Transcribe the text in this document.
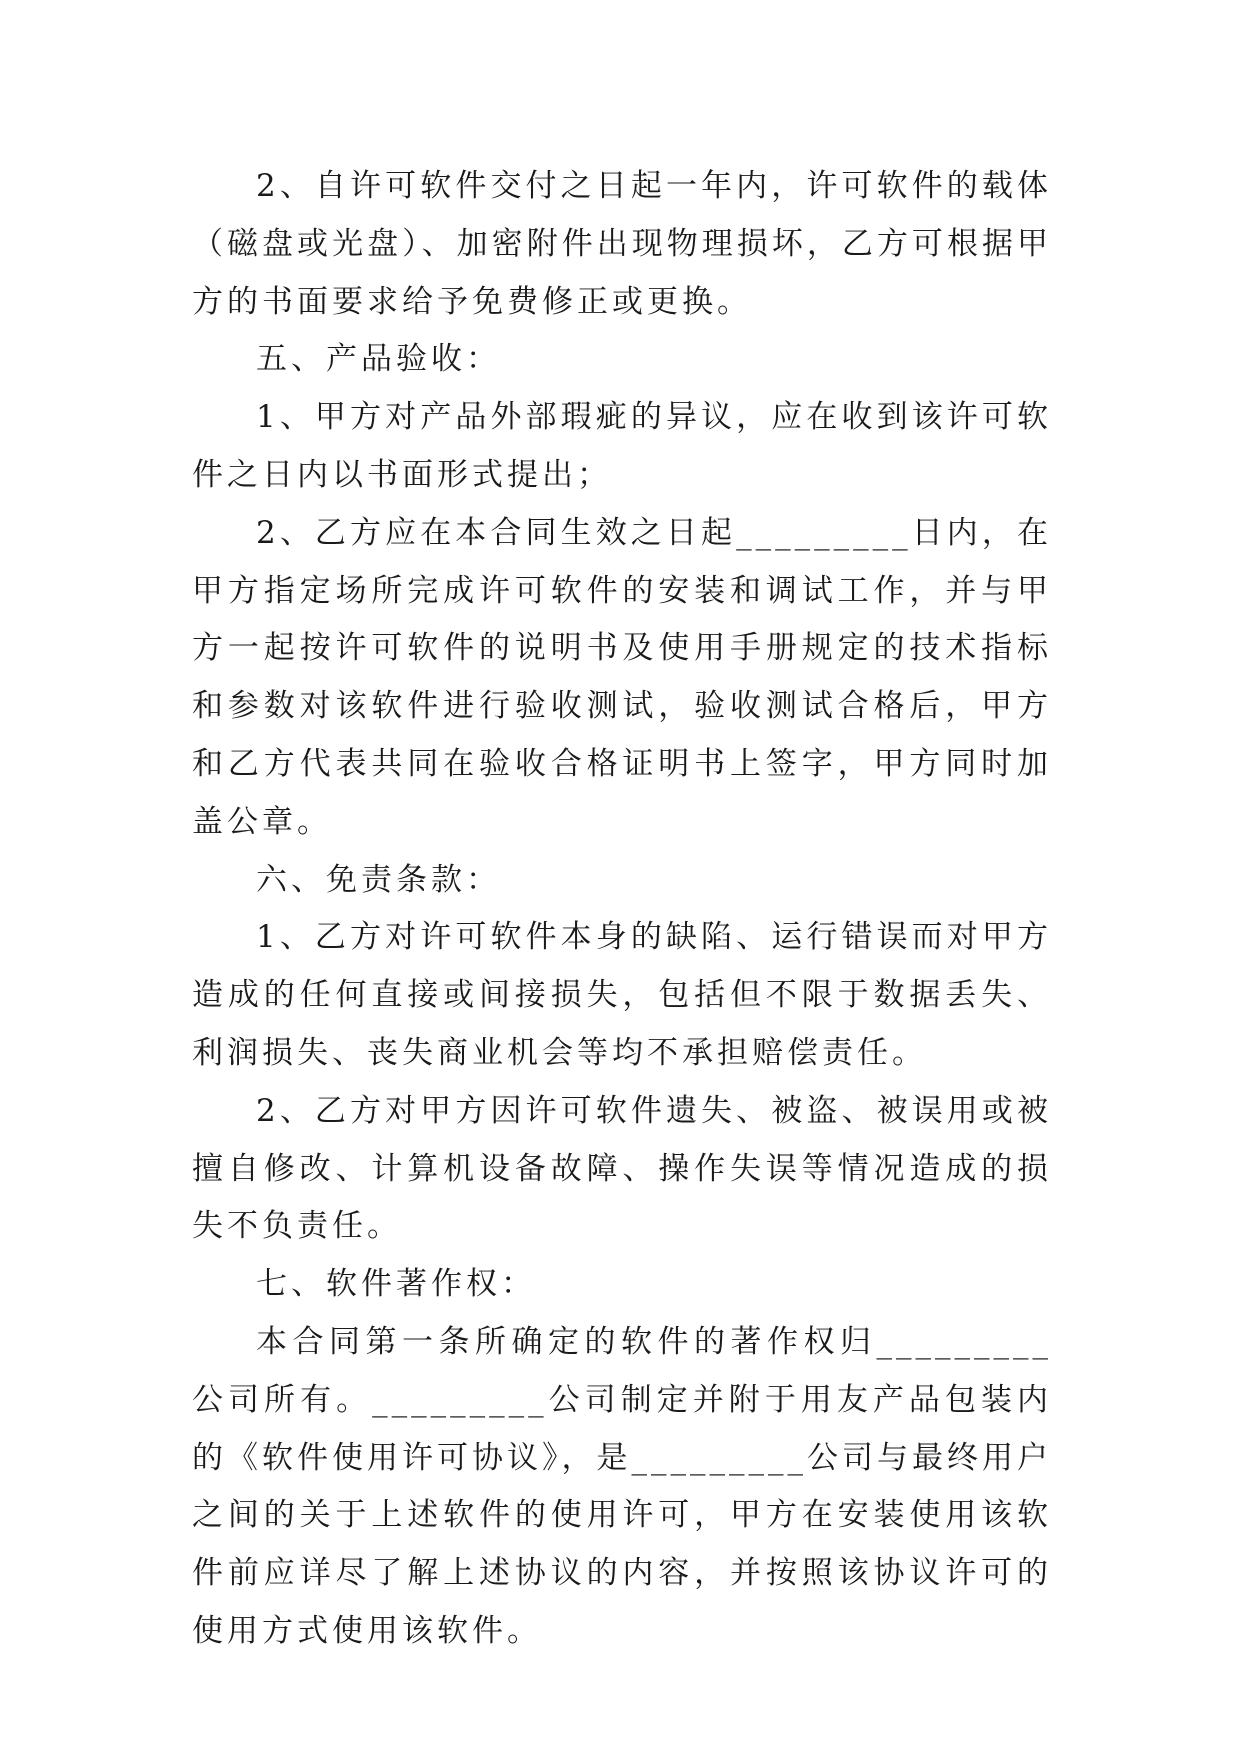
2、自许可软件交付之日起一年内，许可软件的载体（磁盘或光盘）、加密附件出现物理损坏，乙方可根据甲方的书面要求给予免费修正或更换。

五、产品验收：

1、甲方对产品外部瑕疵的异议，应在收到该许可软件之日内以书面形式提出；

2、乙方应在本合同生效之日起_________日内，在甲方指定场所完成许可软件的安装和调试工作，并与甲方一起按许可软件的说明书及使用手册规定的技术指标和参数对该软件进行验收测试，验收测试合格后，甲方和乙方代表共同在验收合格证明书上签字，甲方同时加盖公章。

六、免责条款：

1、乙方对许可软件本身的缺陷、运行错误而对甲方造成的任何直接或间接损失，包括但不限于数据丢失、利润损失、丧失商业机会等均不承担赔偿责任。

2、乙方对甲方因许可软件遗失、被盗、被误用或被擅自修改、计算机设备故障、操作失误等情况造成的损失不负责任。

七、软件著作权：

本合同第一条所确定的软件的著作权归_________公司所有。_________公司制定并附于用友产品包装内的《软件使用许可协议》，是_________公司与最终用户之间的关于上述软件的使用许可，甲方在安装使用该软件前应详尽了解上述协议的内容，并按照该协议许可的使用方式使用该软件。
